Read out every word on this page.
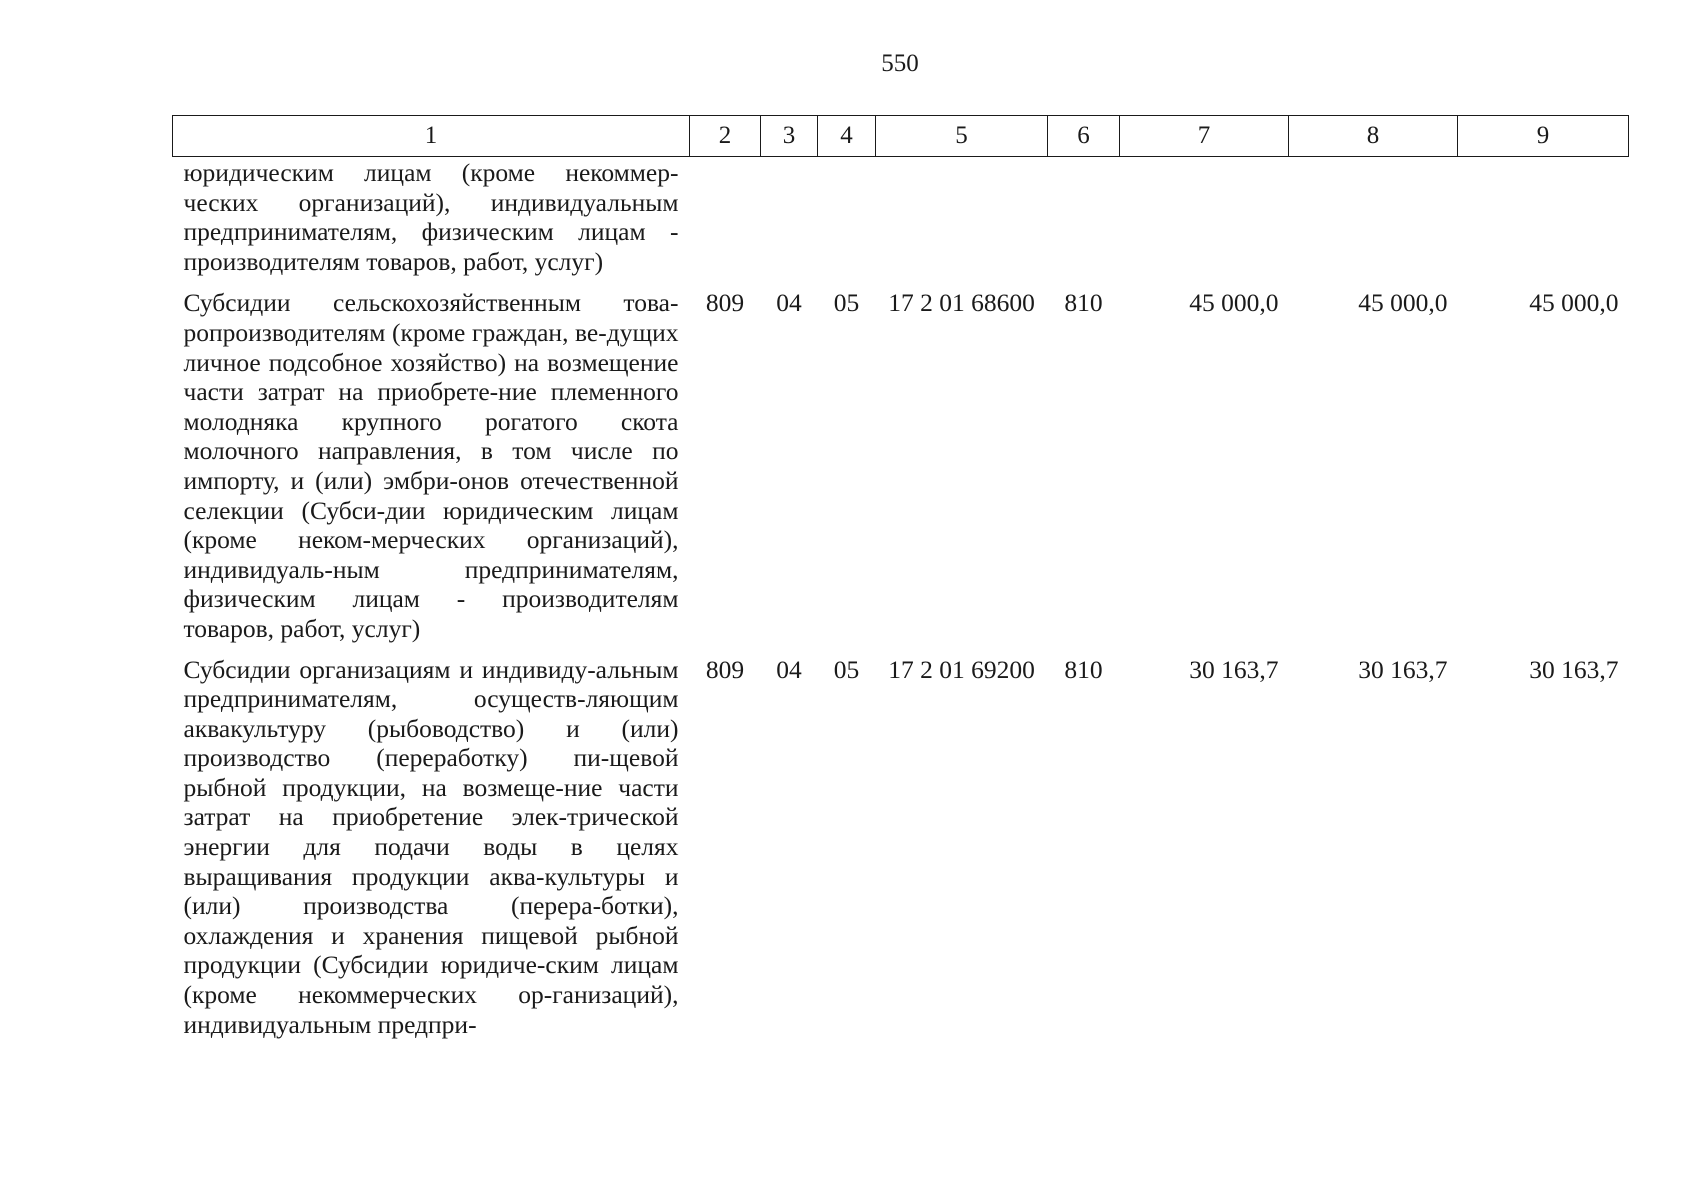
550
1	2	3	4	5	6	7	8	9
юридическим лицам (кроме некоммер-ческих организаций), индивидуальным предпринимателям, физическим лицам - производителям товаров, работ, услуг)								
Субсидии сельскохозяйственным това-ропроизводителям (кроме граждан, ве-дущих личное подсобное хозяйство) на возмещение части затрат на приобрете-ние племенного молодняка крупного рогатого скота молочного направления, в том числе по импорту, и (или) эмбри-онов отечественной селекции (Субси-дии юридическим лицам (кроме неком-мерческих организаций), индивидуаль-ным предпринимателям, физическим лицам - производителям товаров, работ, услуг)	809	04	05	17 2 01 68600	810	45 000,0	45 000,0	45 000,0
Субсидии организациям и индивиду-альным предпринимателям, осуществ-ляющим аквакультуру (рыбоводство) и (или) производство (переработку) пи-щевой рыбной продукции, на возмеще-ние части затрат на приобретение элек-трической энергии для подачи воды в целях выращивания продукции аква-культуры и (или) производства (перера-ботки), охлаждения и хранения пищевой рыбной продукции (Субсидии юридиче-ским лицам (кроме некоммерческих ор-ганизаций), индивидуальным предпри-	809	04	05	17 2 01 69200	810	30 163,7	30 163,7	30 163,7
